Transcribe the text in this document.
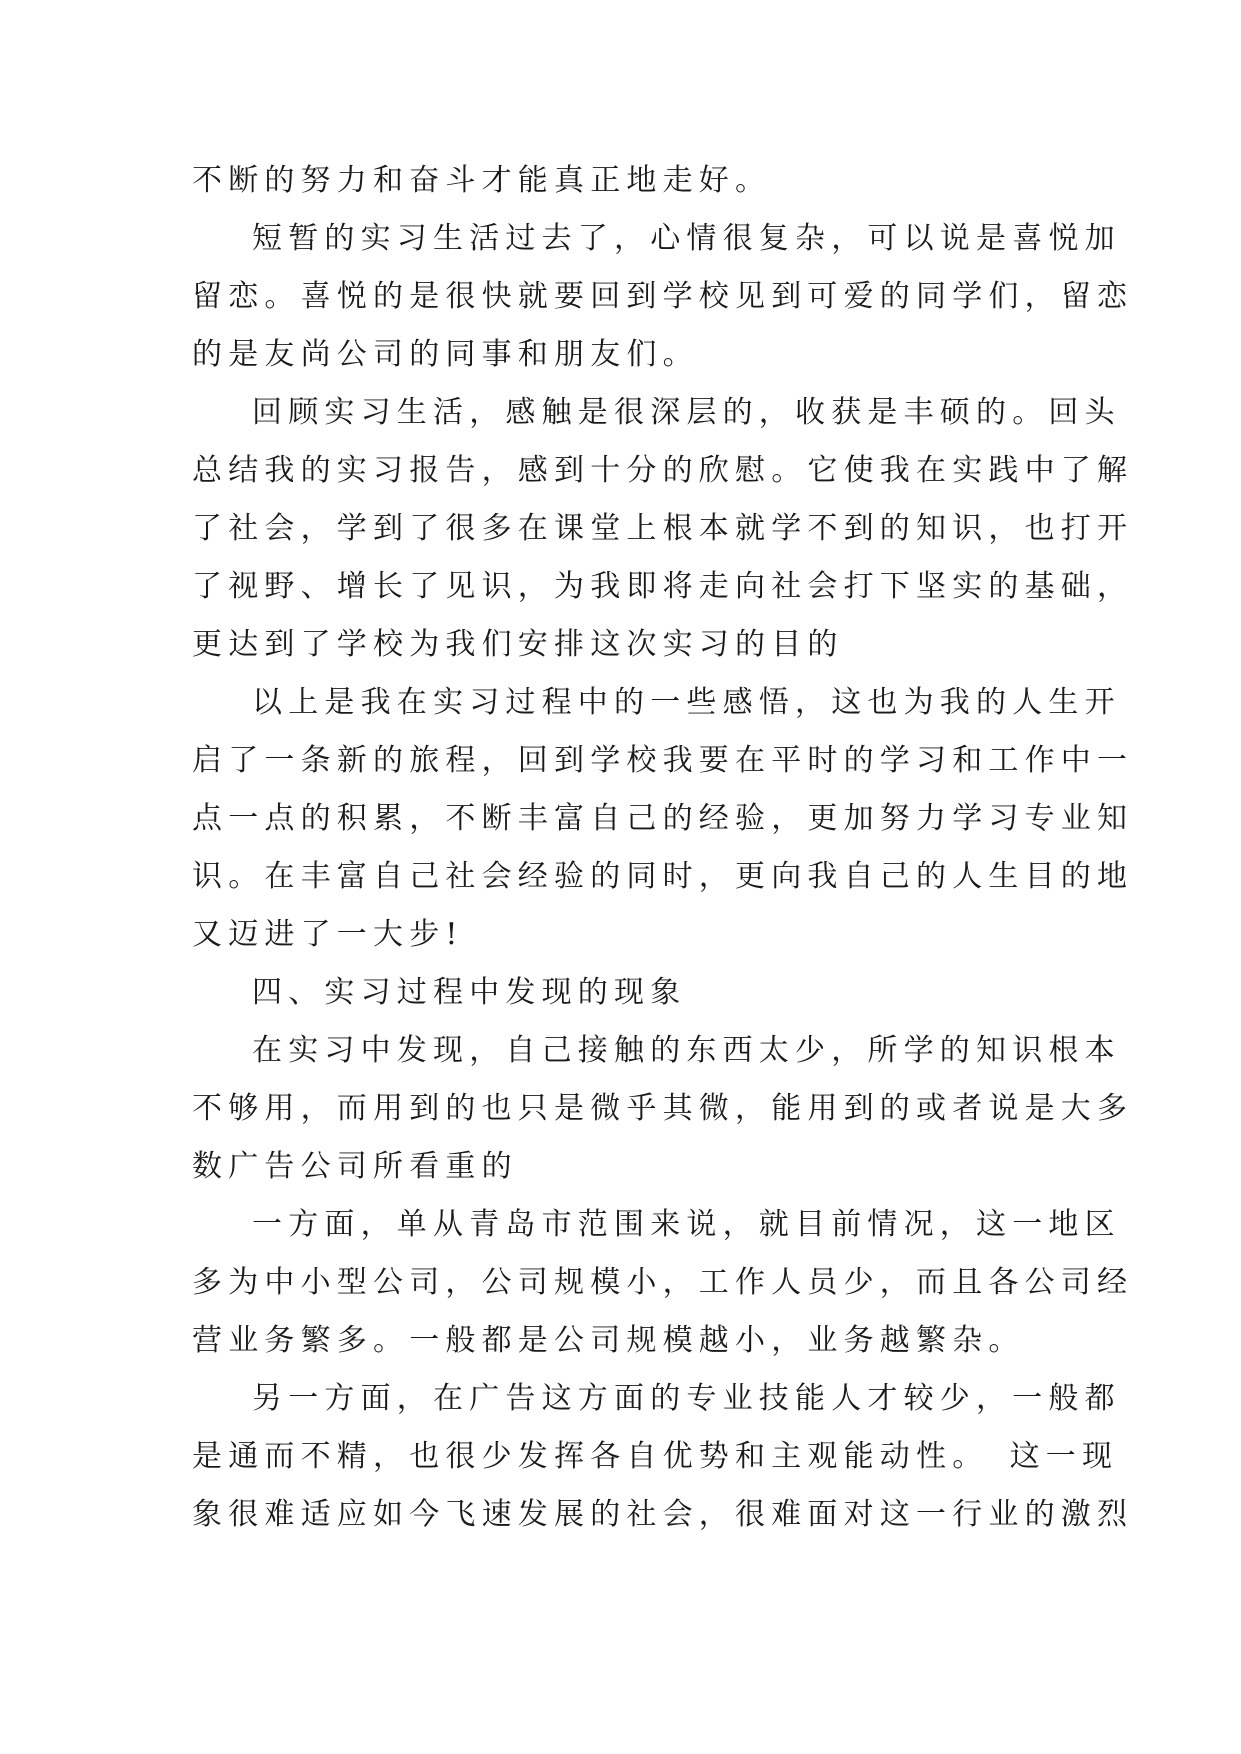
不断的努力和奋斗才能真正地走好。
短暂的实习生活过去了，心情很复杂，可以说是喜悦加
留恋。喜悦的是很快就要回到学校见到可爱的同学们，留恋
的是友尚公司的同事和朋友们。
回顾实习生活，感触是很深层的，收获是丰硕的。回头
总结我的实习报告，感到十分的欣慰。它使我在实践中了解
了社会，学到了很多在课堂上根本就学不到的知识，也打开
了视野、增长了见识，为我即将走向社会打下坚实的基础，
更达到了学校为我们安排这次实习的目的
以上是我在实习过程中的一些感悟，这也为我的人生开
启了一条新的旅程，回到学校我要在平时的学习和工作中一
点一点的积累，不断丰富自己的经验，更加努力学习专业知
识。在丰富自己社会经验的同时，更向我自己的人生目的地
又迈进了一大步!
四、实习过程中发现的现象
在实习中发现，自己接触的东西太少，所学的知识根本
不够用，而用到的也只是微乎其微，能用到的或者说是大多
数广告公司所看重的
一方面，单从青岛市范围来说，就目前情况，这一地区
多为中小型公司，公司规模小，工作人员少，而且各公司经
营业务繁多。一般都是公司规模越小，业务越繁杂。
另一方面，在广告这方面的专业技能人才较少，一般都
是通而不精，也很少发挥各自优势和主观能动性。　这一现
象很难适应如今飞速发展的社会，很难面对这一行业的激烈
